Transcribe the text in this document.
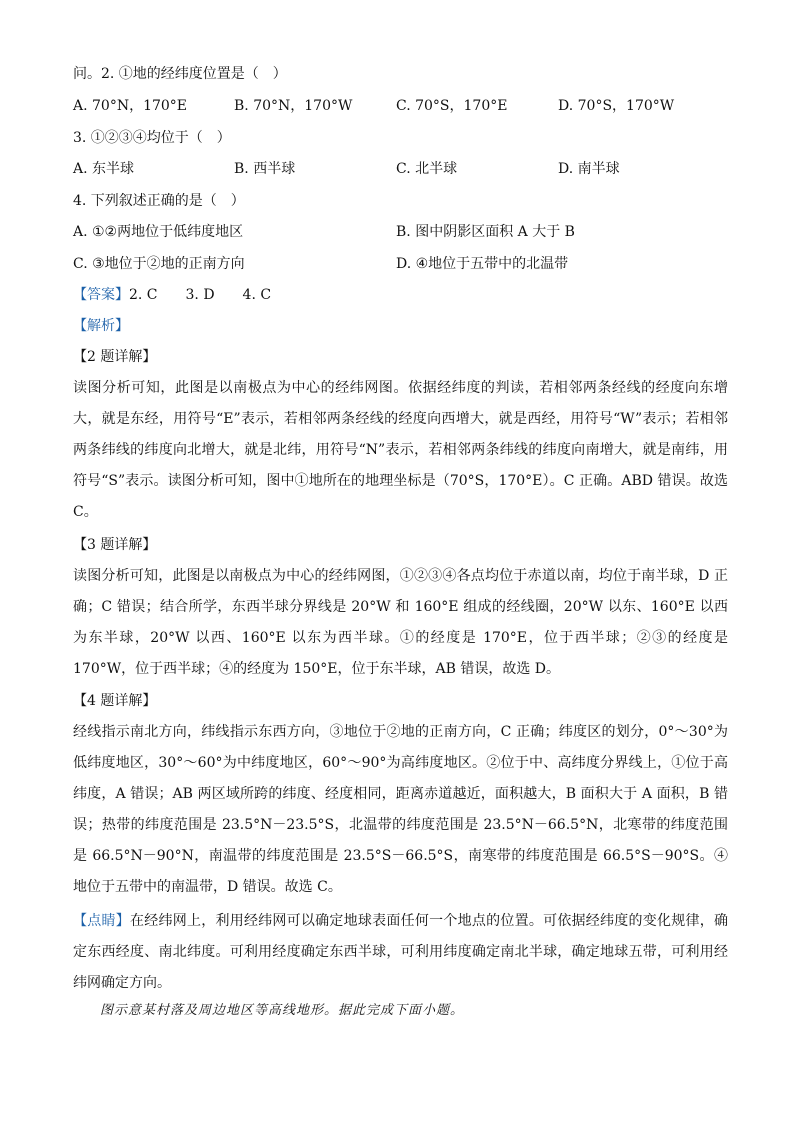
问。2. ①地的经纬度位置是（　）
A. 70°N，170°E	B. 70°N，170°W	C. 70°S，170°E	D. 70°S，170°W
3. ①②③④均位于（　）
A. 东半球	B. 西半球	C. 北半球	D. 南半球
4. 下列叙述正确的是（　）
A. ①②两地位于低纬度地区	B. 图中阴影区面积 A 大于 B
C. ③地位于②地的正南方向	D. ④地位于五带中的北温带
【答案】2. C　　3. D　　4. C
【解析】
【2 题详解】
读图分析可知，此图是以南极点为中心的经纬网图。依据经纬度的判读，若相邻两条经线的经度向东增大，就是东经，用符号“E”表示，若相邻两条经线的经度向西增大，就是西经，用符号“W”表示；若相邻两条纬线的纬度向北增大，就是北纬，用符号“N”表示，若相邻两条纬线的纬度向南增大，就是南纬，用符号“S”表示。读图分析可知，图中①地所在的地理坐标是（70°S，170°E）。C 正确。ABD 错误。故选 C。
【3 题详解】
读图分析可知，此图是以南极点为中心的经纬网图，①②③④各点均位于赤道以南，均位于南半球，D 正确；C 错误；结合所学，东西半球分界线是 20°W 和 160°E 组成的经线圈，20°W 以东、160°E 以西为东半球，20°W 以西、160°E 以东为西半球。①的经度是 170°E，位于西半球；②③的经度是 170°W，位于西半球；④的经度为 150°E，位于东半球，AB 错误，故选 D。
【4 题详解】
经线指示南北方向，纬线指示东西方向，③地位于②地的正南方向，C 正确；纬度区的划分，0°～30°为低纬度地区，30°～60°为中纬度地区，60°～90°为高纬度地区。②位于中、高纬度分界线上，①位于高纬度，A 错误；AB 两区域所跨的纬度、经度相同，距离赤道越近，面积越大，B 面积大于 A 面积，B 错误；热带的纬度范围是 23.5°N－23.5°S，北温带的纬度范围是 23.5°N－66.5°N，北寒带的纬度范围是 66.5°N－90°N，南温带的纬度范围是 23.5°S－66.5°S，南寒带的纬度范围是 66.5°S－90°S。④地位于五带中的南温带，D 错误。故选 C。
【点睛】在经纬网上，利用经纬网可以确定地球表面任何一个地点的位置。可依据经纬度的变化规律，确定东西经度、南北纬度。可利用经度确定东西半球，可利用纬度确定南北半球，确定地球五带，可利用经纬网确定方向。
图示意某村落及周边地区等高线地形。据此完成下面小题。
